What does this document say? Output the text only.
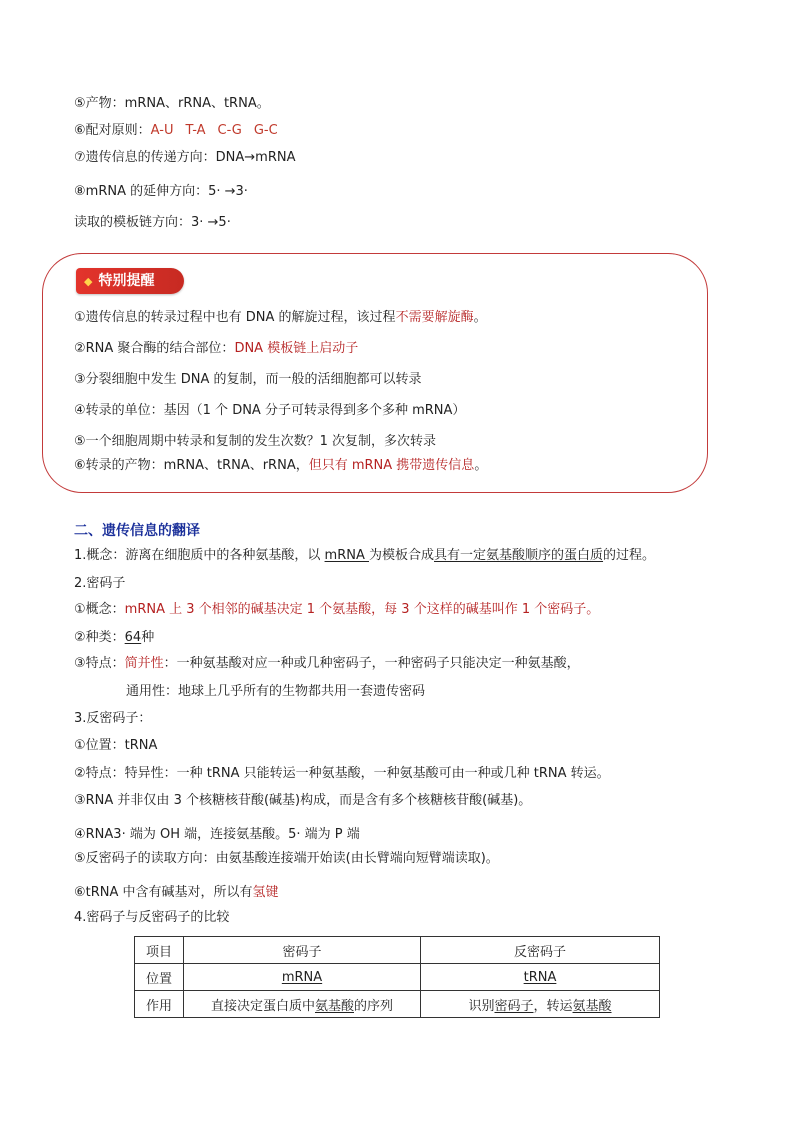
⑤产物：mRNA、rRNA、tRNA。
⑥配对原则：A-U T-A C-G G-C
⑦遗传信息的传递方向：DNA→mRNA
⑧mRNA 的延伸方向：5· →3·
读取的模板链方向：3· →5·
◆ 特别提醒
①遗传信息的转录过程中也有 DNA 的解旋过程，该过程不需要解旋酶。
②RNA 聚合酶的结合部位：DNA 模板链上启动子
③分裂细胞中发生 DNA 的复制，而一般的活细胞都可以转录
④转录的单位：基因（1 个 DNA 分子可转录得到多个多种 mRNA）
⑤一个细胞周期中转录和复制的发生次数？1 次复制，多次转录
⑥转录的产物：mRNA、tRNA、rRNA，但只有 mRNA 携带遗传信息。
二、遗传信息的翻译
1.概念：游离在细胞质中的各种氨基酸，以 mRNA 为模板合成具有一定氨基酸顺序的蛋白质的过程。
2.密码子
①概念：mRNA 上 3 个相邻的碱基决定 1 个氨基酸，每 3 个这样的碱基叫作 1 个密码子。
②种类：64种
③特点：简并性：一种氨基酸对应一种或几种密码子，一种密码子只能决定一种氨基酸，
通用性：地球上几乎所有的生物都共用一套遗传密码
3.反密码子：
①位置：tRNA
②特点：特异性：一种 tRNA 只能转运一种氨基酸，一种氨基酸可由一种或几种 tRNA 转运。
③RNA 并非仅由 3 个核糖核苷酸(碱基)构成，而是含有多个核糖核苷酸(碱基)。
④RNA3· 端为 OH 端，连接氨基酸。5· 端为 P 端
⑤反密码子的读取方向：由氨基酸连接端开始读(由长臂端向短臂端读取)。
⑥tRNA 中含有碱基对，所以有氢键
4.密码子与反密码子的比较
项目	密码子	反密码子
位置	mRNA	tRNA
作用	直接决定蛋白质中氨基酸的序列	识别密码子，转运氨基酸
